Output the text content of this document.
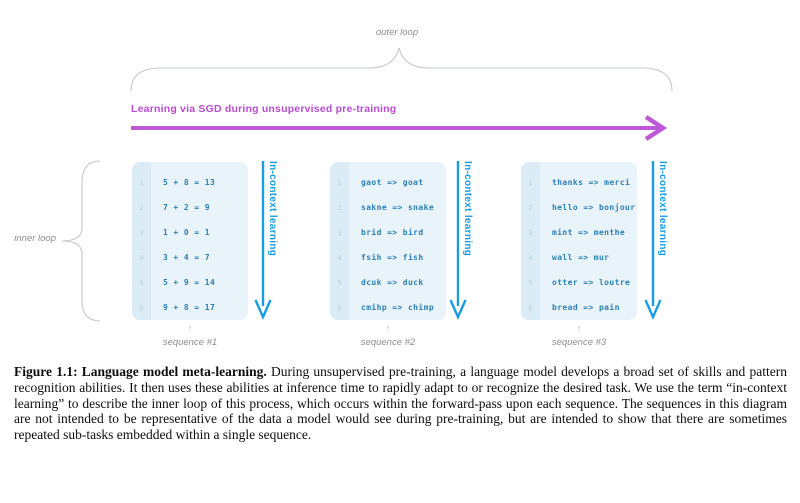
outer loop
inner loop
Learning via SGD during unsupervised pre-training
1	5 + 8 = 13
2	7 + 2 = 9
3	1 + 0 = 1
4	3 + 4 = 7
5	5 + 9 = 14
6	9 + 8 = 17
1	gaot => goat
2	sakne => snake
3	brid => bird
4	fsih => fish
5	dcuk => duck
6	cmihp => chimp
1	thanks => merci
2	hello => bonjour
3	mint => menthe
4	wall => mur
5	otter => loutre
6	bread => pain
In-context learning	In-context learning	In-context learning
↑	↑	↑
sequence #1	sequence #2	sequence #3
Figure 1.1: Language model meta-learning. During unsupervised pre-training, a language model develops a broad set of skills and pattern recognition abilities. It then uses these abilities at inference time to rapidly adapt to or recognize the desired task. We use the term “in-context learning” to describe the inner loop of this process, which occurs within the forward-pass upon each sequence. The sequences in this diagram are not intended to be representative of the data a model would see during pre-training, but are intended to show that there are sometimes repeated sub-tasks embedded within a single sequence.
